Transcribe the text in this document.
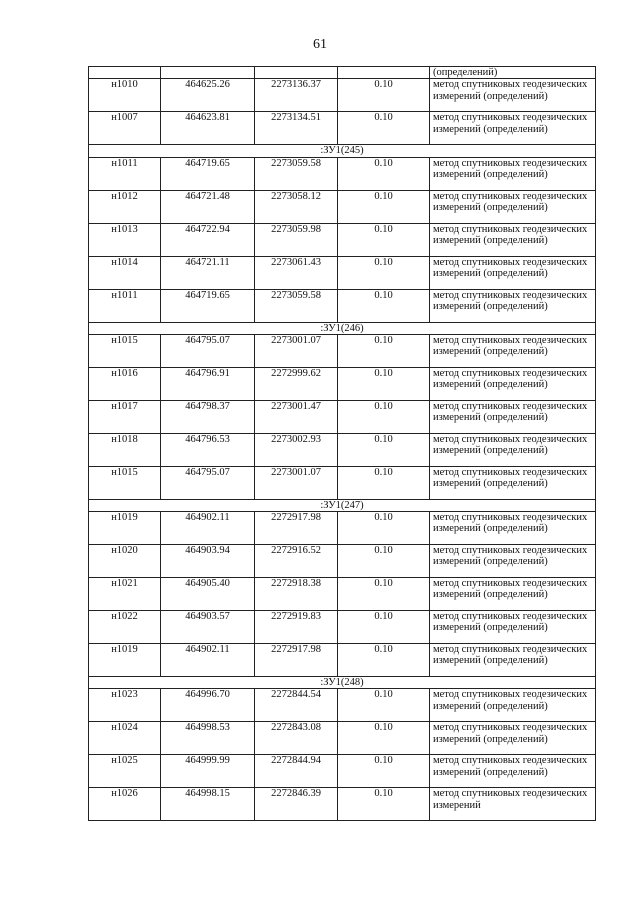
61
				(определений)
н1010	464625.26	2273136.37	0.10	метод спутниковых геодезических измерений (определений)
н1007	464623.81	2273134.51	0.10	метод спутниковых геодезических измерений (определений)
:ЗУ1(245)				
н1011	464719.65	2273059.58	0.10	метод спутниковых геодезических измерений (определений)
н1012	464721.48	2273058.12	0.10	метод спутниковых геодезических измерений (определений)
н1013	464722.94	2273059.98	0.10	метод спутниковых геодезических измерений (определений)
н1014	464721.11	2273061.43	0.10	метод спутниковых геодезических измерений (определений)
н1011	464719.65	2273059.58	0.10	метод спутниковых геодезических измерений (определений)
:ЗУ1(246)				
н1015	464795.07	2273001.07	0.10	метод спутниковых геодезических измерений (определений)
н1016	464796.91	2272999.62	0.10	метод спутниковых геодезических измерений (определений)
н1017	464798.37	2273001.47	0.10	метод спутниковых геодезических измерений (определений)
н1018	464796.53	2273002.93	0.10	метод спутниковых геодезических измерений (определений)
н1015	464795.07	2273001.07	0.10	метод спутниковых геодезических измерений (определений)
:ЗУ1(247)				
н1019	464902.11	2272917.98	0.10	метод спутниковых геодезических измерений (определений)
н1020	464903.94	2272916.52	0.10	метод спутниковых геодезических измерений (определений)
н1021	464905.40	2272918.38	0.10	метод спутниковых геодезических измерений (определений)
н1022	464903.57	2272919.83	0.10	метод спутниковых геодезических измерений (определений)
н1019	464902.11	2272917.98	0.10	метод спутниковых геодезических измерений (определений)
:ЗУ1(248)				
н1023	464996.70	2272844.54	0.10	метод спутниковых геодезических измерений (определений)
н1024	464998.53	2272843.08	0.10	метод спутниковых геодезических измерений (определений)
н1025	464999.99	2272844.94	0.10	метод спутниковых геодезических измерений (определений)
н1026	464998.15	2272846.39	0.10	метод спутниковых геодезических измерений
